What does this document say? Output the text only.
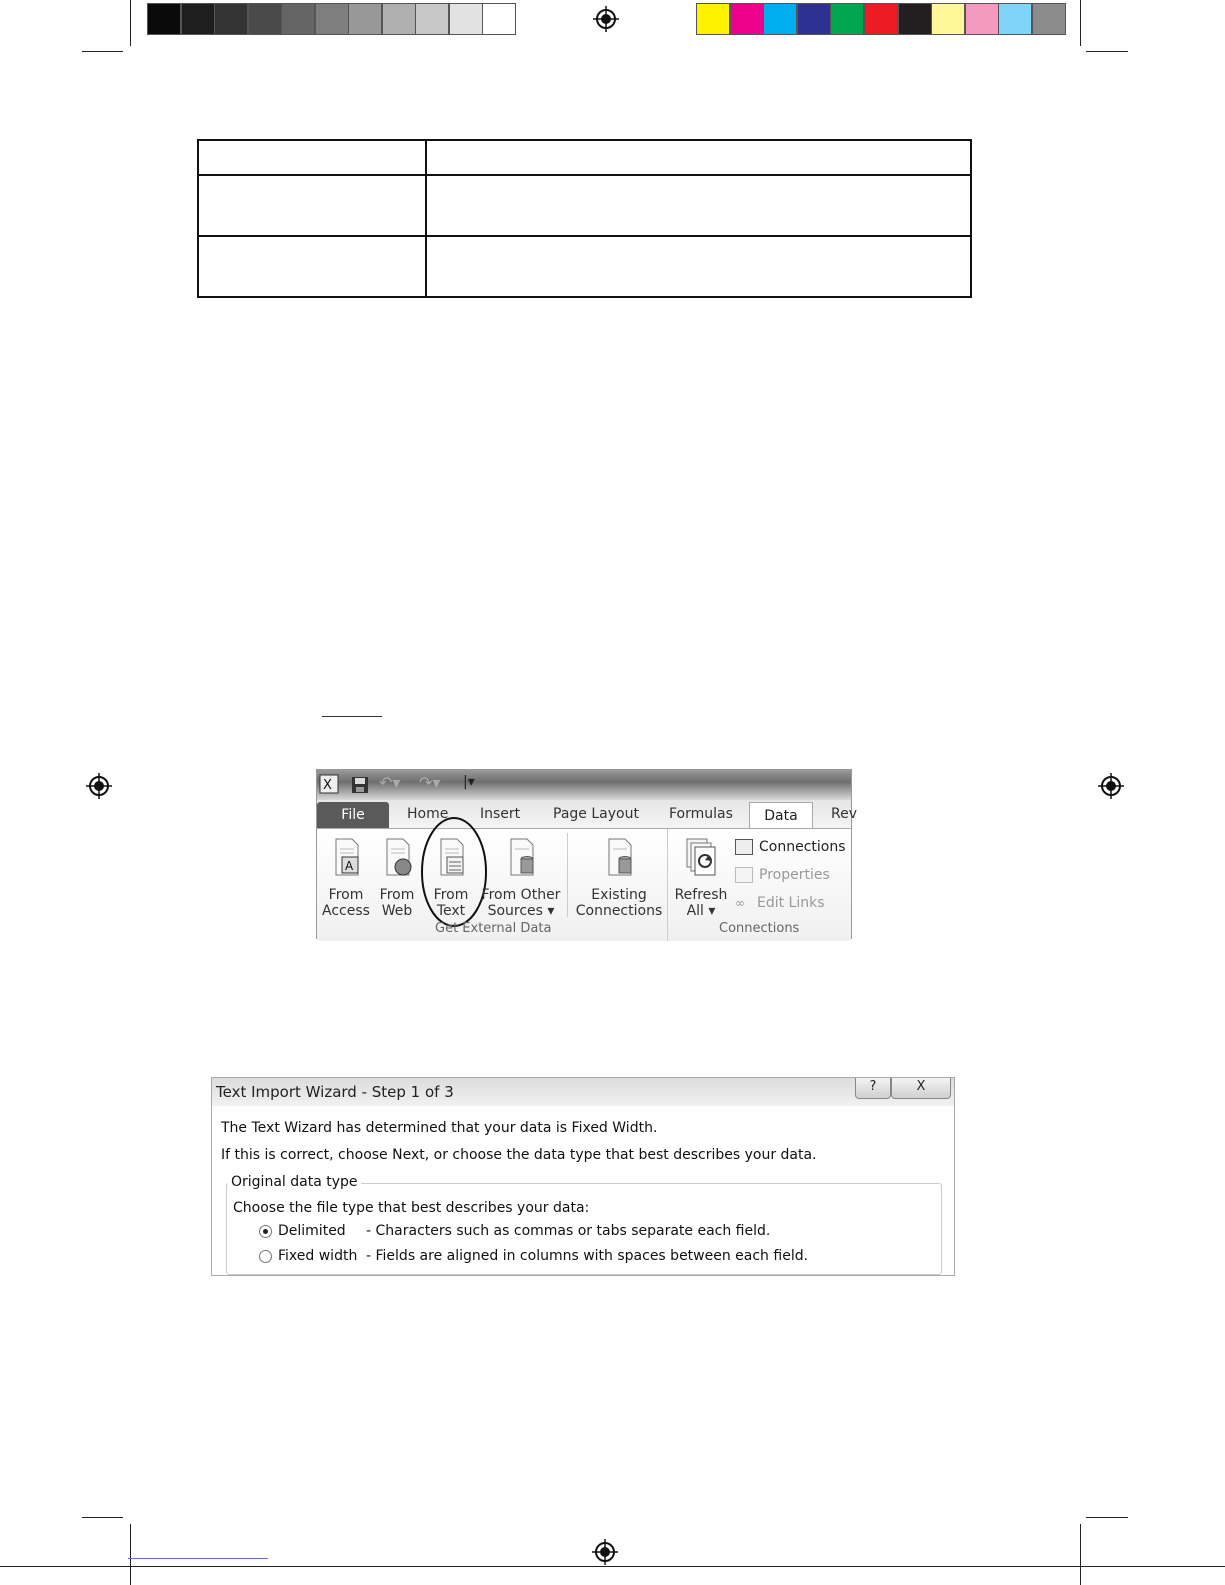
X	↶▾ ↷▾ |▾
File	Home Insert Page Layout Formulas	Data	Rev
A
From
Access
From
Web
From
Text
From Other
Sources ▾
Existing
Connections
Get External Data
Refresh
All ▾
Connections
Properties
∞ Edit Links
Connections
Text Import Wizard - Step 1 of 3	?	X
The Text Wizard has determined that your data is Fixed Width.
If this is correct, choose Next, or choose the data type that best describes your data.
Original data type
Choose the file type that best describes your data:
Delimited - Characters such as commas or tabs separate each field.
Fixed width - Fields are aligned in columns with spaces between each field.
